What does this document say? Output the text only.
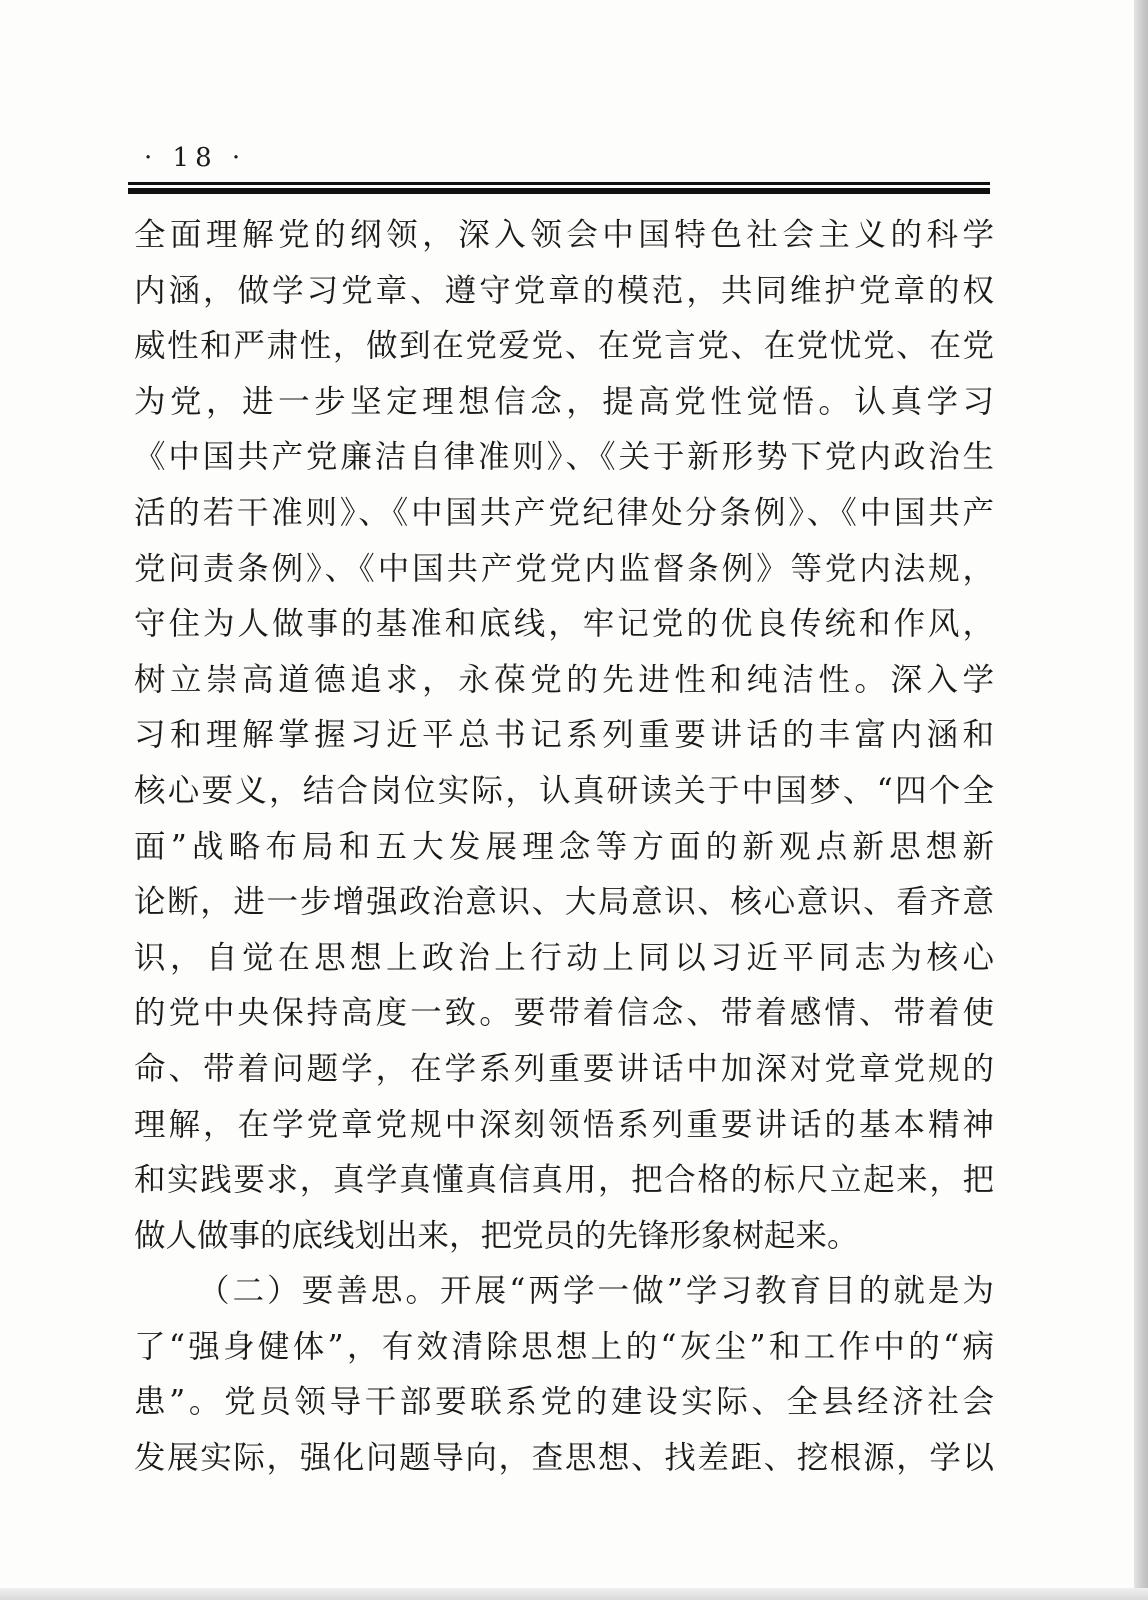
· 18 ·
全面理解党的纲领，深入领会中国特色社会主义的科学
内涵，做学习党章、遵守党章的模范，共同维护党章的权
威性和严肃性，做到在党爱党、在党言党、在党忧党、在党
为党，进一步坚定理想信念，提高党性觉悟。认真学习
《中国共产党廉洁自律准则》、《关于新形势下党内政治生
活的若干准则》、《中国共产党纪律处分条例》、《中国共产
党问责条例》、《中国共产党党内监督条例》等党内法规，
守住为人做事的基准和底线，牢记党的优良传统和作风，
树立崇高道德追求，永葆党的先进性和纯洁性。深入学
习和理解掌握习近平总书记系列重要讲话的丰富内涵和
核心要义，结合岗位实际，认真研读关于中国梦、“四个全
面”战略布局和五大发展理念等方面的新观点新思想新
论断，进一步增强政治意识、大局意识、核心意识、看齐意
识，自觉在思想上政治上行动上同以习近平同志为核心
的党中央保持高度一致。要带着信念、带着感情、带着使
命、带着问题学，在学系列重要讲话中加深对党章党规的
理解，在学党章党规中深刻领悟系列重要讲话的基本精神
和实践要求，真学真懂真信真用，把合格的标尺立起来，把
做人做事的底线划出来，把党员的先锋形象树起来。
（二）要善思。开展“两学一做”学习教育目的就是为
了“强身健体”，有效清除思想上的“灰尘”和工作中的“病
患”。党员领导干部要联系党的建设实际、全县经济社会
发展实际，强化问题导向，查思想、找差距、挖根源，学以
